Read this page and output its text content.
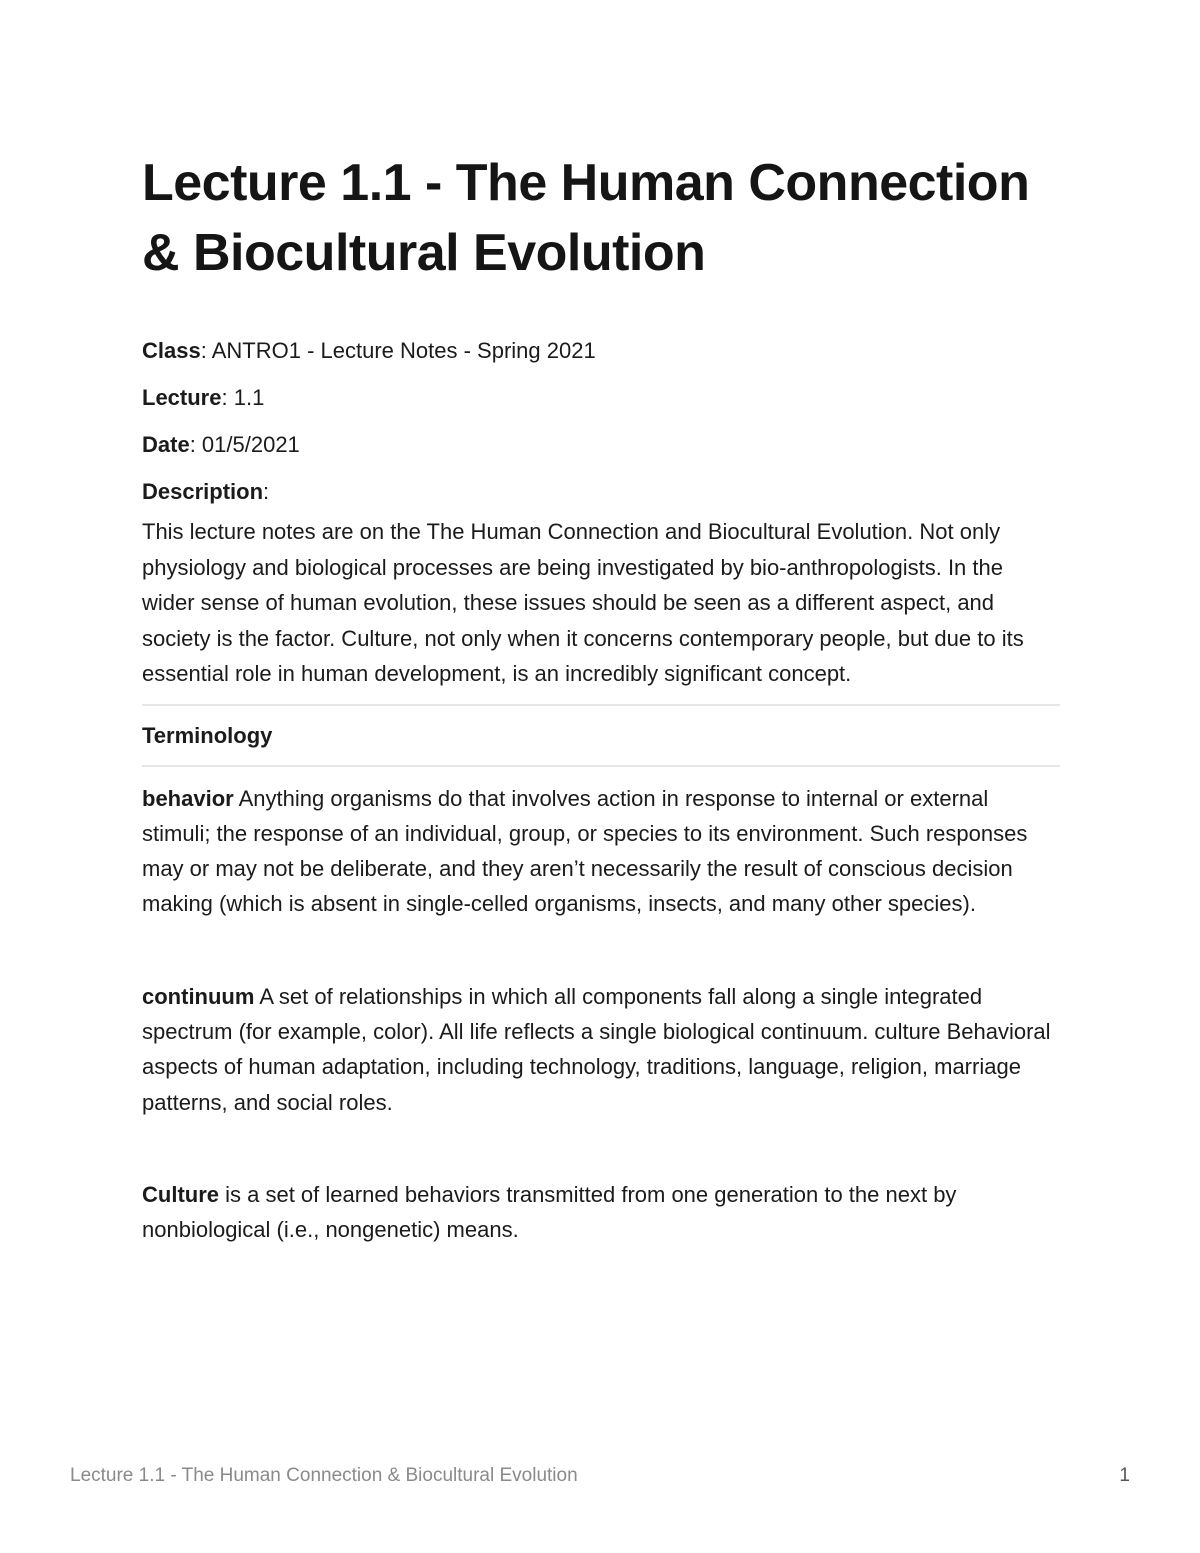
Lecture 1.1 - The Human Connection & Biocultural Evolution
Class: ANTRO1 - Lecture Notes - Spring 2021
Lecture: 1.1
Date: 01/5/2021
Description:
This lecture notes are on the The Human Connection and Biocultural Evolution. Not only physiology and biological processes are being investigated by bio-anthropologists. In the wider sense of human evolution, these issues should be seen as a different aspect, and society is the factor. Culture, not only when it concerns contemporary people, but due to its essential role in human development, is an incredibly significant concept.
Terminology
behavior Anything organisms do that involves action in response to internal or external stimuli; the response of an individual, group, or species to its environment. Such responses may or may not be deliberate, and they aren’t necessarily the result of conscious decision making (which is absent in single-celled organisms, insects, and many other species).
continuum A set of relationships in which all components fall along a single integrated spectrum (for example, color). All life reflects a single biological continuum. culture Behavioral aspects of human adaptation, including technology, traditions, language, religion, marriage patterns, and social roles.
Culture is a set of learned behaviors transmitted from one generation to the next by nonbiological (i.e., nongenetic) means.
Lecture 1.1 - The Human Connection & Biocultural Evolution	1
